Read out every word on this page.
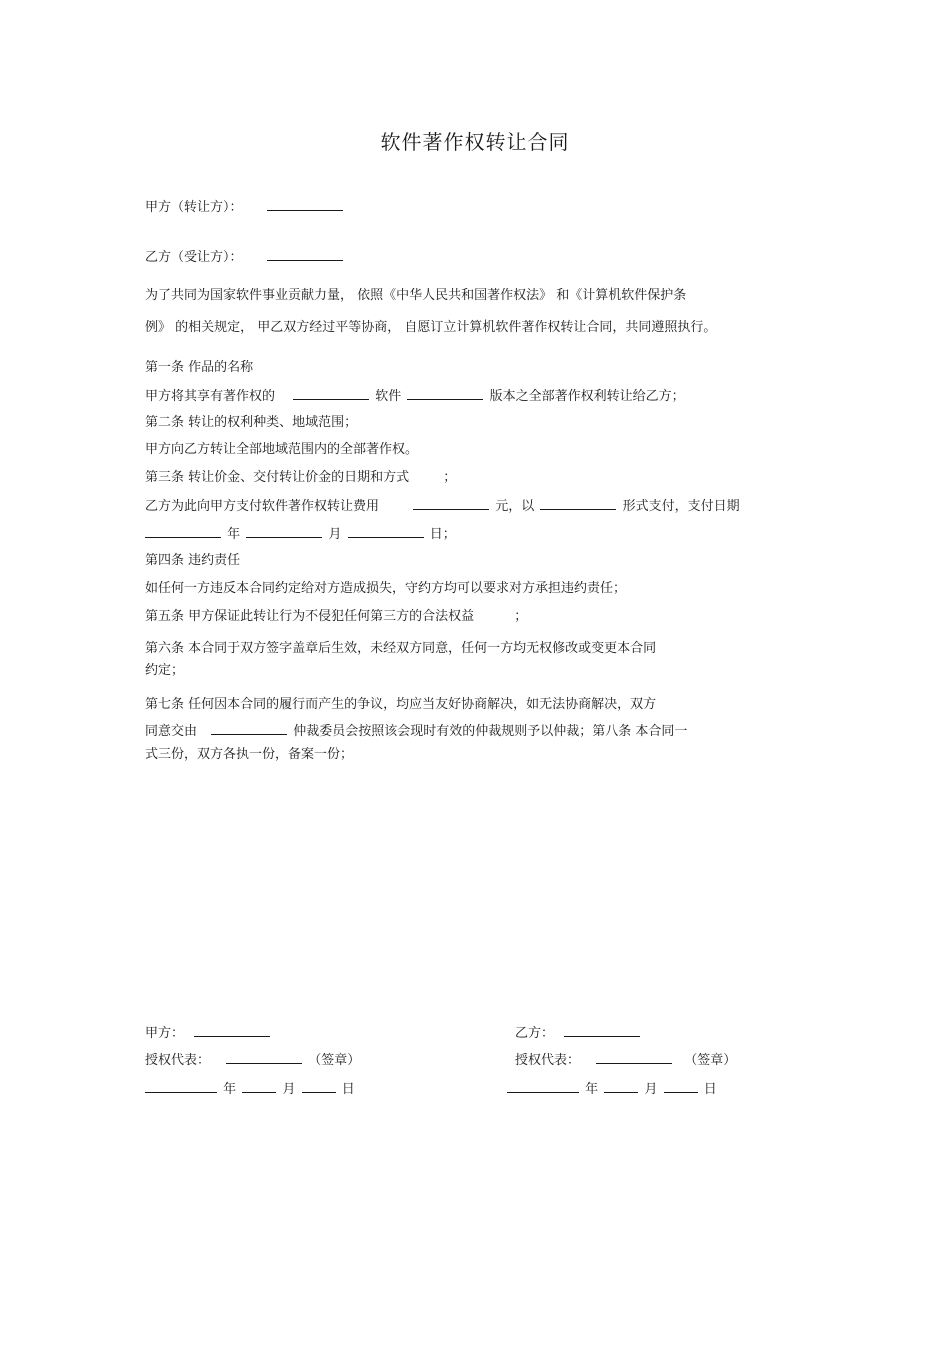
软件著作权转让合同
甲方（转让方）：
乙方（受让方）：
为了共同为国家软件事业贡献力量， 依照《中华人民共和国著作权法》 和《计算机软件保护条
例》 的相关规定， 甲乙双方经过平等协商， 自愿订立计算机软件著作权转让合同，共同遵照执行。
第一条 作品的名称
甲方将其享有著作权的	软件	版本之全部著作权利转让给乙方；
第二条 转让的权利种类、地域范围；
甲方向乙方转让全部地域范围内的全部著作权。
第三条 转让价金、交付转让价金的日期和方式	；
乙方为此向甲方支付软件著作权转让费用	元，以	形式支付，支付日期
年	月	日；
第四条 违约责任
如任何一方违反本合同约定给对方造成损失，守约方均可以要求对方承担违约责任；
第五条 甲方保证此转让行为不侵犯任何第三方的合法权益	；
第六条 本合同于双方签字盖章后生效，未经双方同意，任何一方均无权修改或变更本合同
约定；
第七条 任何因本合同的履行而产生的争议，均应当友好协商解决，如无法协商解决，双方
同意交由	仲裁委员会按照该会现时有效的仲裁规则予以仲裁；第八条 本合同一
式三份，双方各执一份，备案一份；
甲方：
授权代表：	（签章）
年	月	日
乙方：
授权代表：	（签章）
年	月	日
